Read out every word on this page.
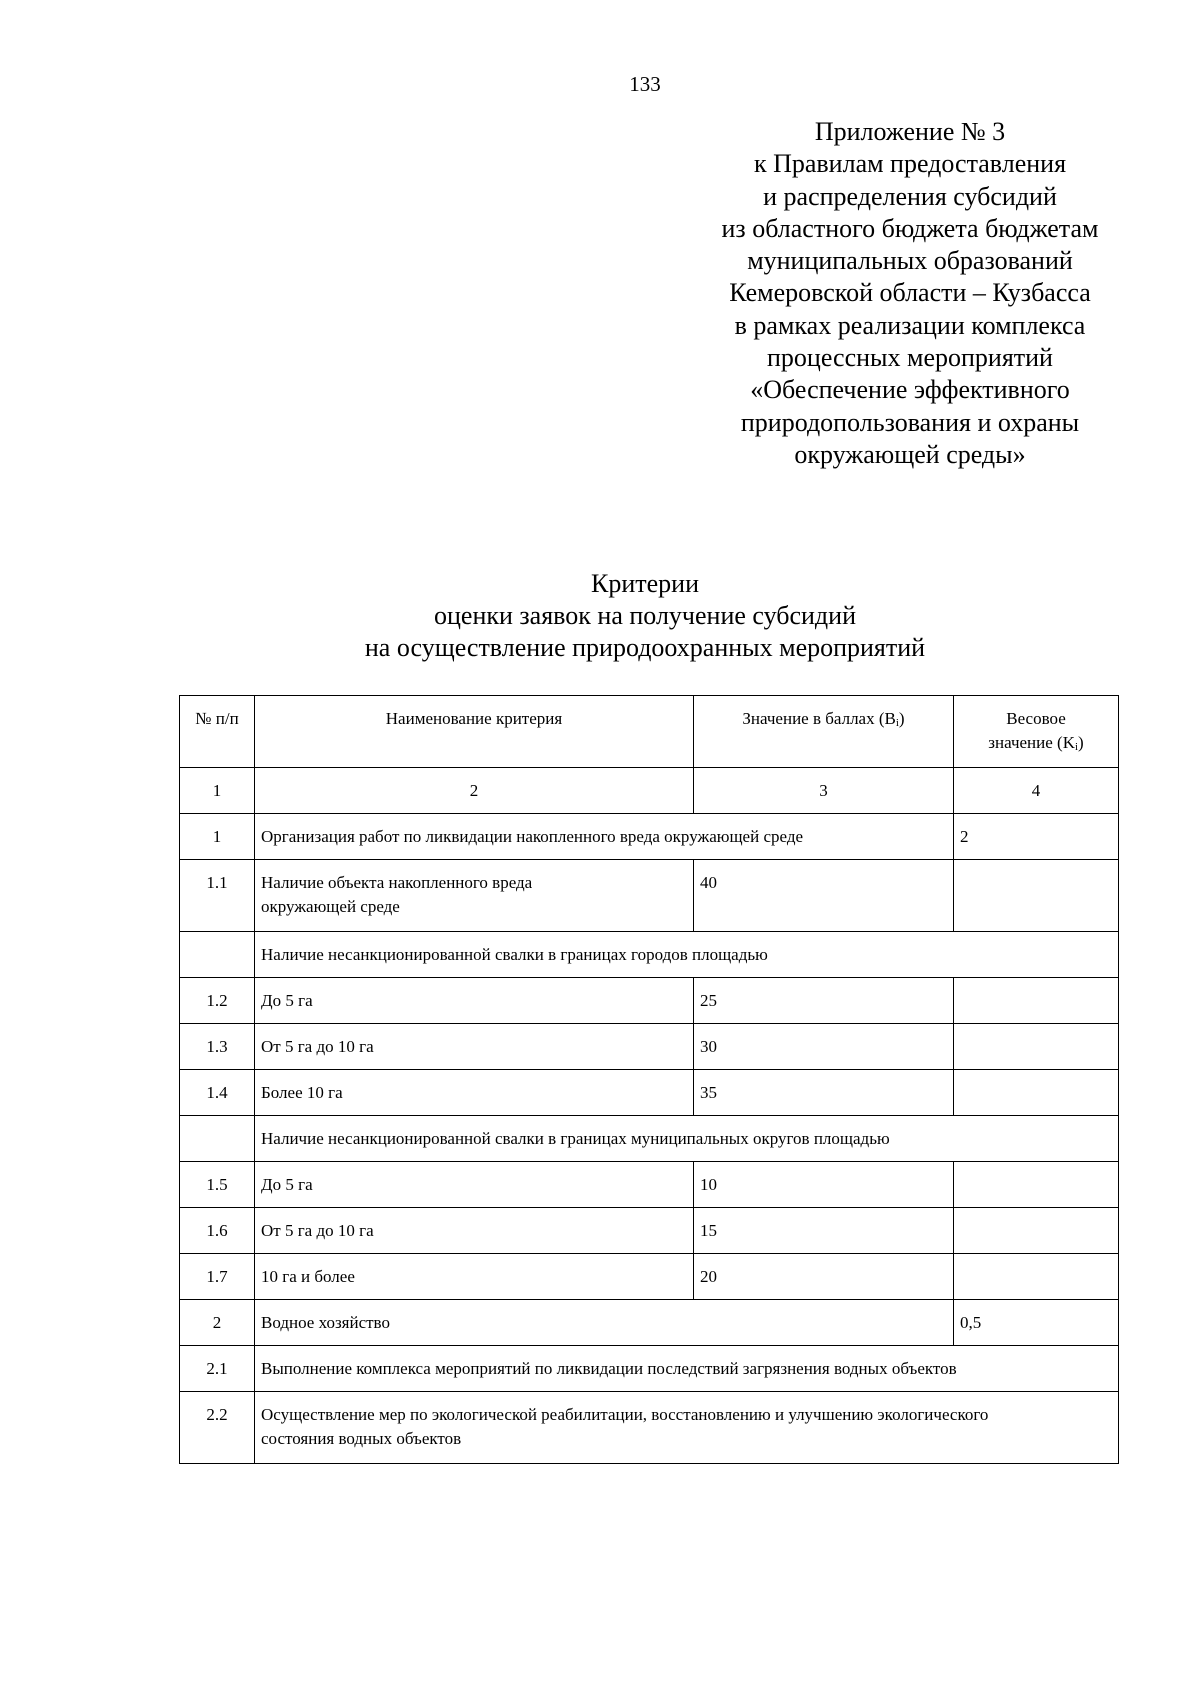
133
Приложение № 3
к Правилам предоставления
и распределения субсидий
из областного бюджета бюджетам
муниципальных образований
Кемеровской области – Кузбасса
в рамках реализации комплекса
процессных мероприятий
«Обеспечение эффективного
природопользования и охраны
окружающей среды»
Критерии
оценки заявок на получение субсидий
на осуществление природоохранных мероприятий
№ п/п	Наименование критерия	Значение в баллах $(B_i)$	Весовое
значение $(K_i)$
1	2	3	4
1	Организация работ по ликвидации накопленного вреда окружающей среде		2
1.1	Наличие объекта накопленного вреда окружающей среде	40	
	Наличие несанкционированной свалки в границах городов площадью		
1.2	До 5 га	25	
1.3	От 5 га до 10 га	30	
1.4	Более 10 га	35	
	Наличие несанкционированной свалки в границах муниципальных округов площадью		
1.5	До 5 га	10	
1.6	От 5 га до 10 га	15	
1.7	10 га и более	20	
2	Водное хозяйство		0,5
2.1	Выполнение комплекса мероприятий по ликвидации последствий загрязнения водных объектов		
2.2	Осуществление мер по экологической реабилитации, восстановлению и улучшению экологического состояния водных объектов		
